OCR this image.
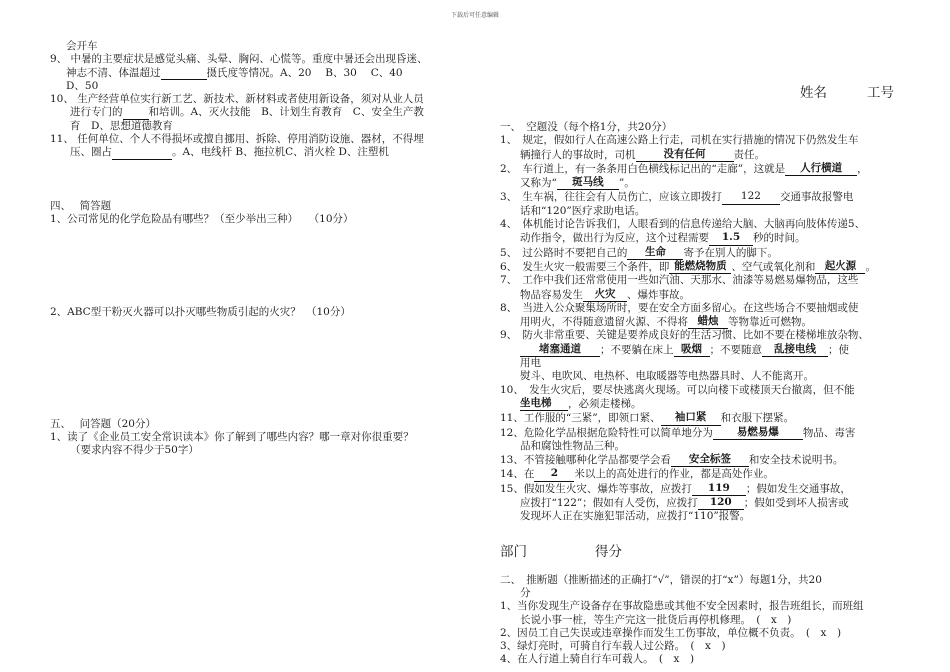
下载后可任意编辑
会开车
9、 中暑的主要症状是感觉头痛、头晕、胸闷、心慌等。重度中暑还会出现昏迷、
神志不清、体温超过	摄氏度等情况。A、20　 B、30　 C、40
D、50
10、 生产经营单位实行新工艺、新技术、新材料或者使用新设备，须对从业人员
进行专门的 和培训。A、灭火技能　B、计划生育教育　C、安全生产教
育　D、思想道德教育
11、 任何单位、个人不得损坏或擅自挪用、拆除、停用消防设施、器材，不得埋
压、圈占	。A、电线杆 B、拖拉机C、消火栓 D、注塑机
四、　 简答题
1、公司常见的化学危险品有哪些？（至少举出三种）　　（10分）
2、ABC型干粉灭火器可以扑灭哪些物质引起的火灾？　（10分）
五、　 问答题（20分）
1、读了《企业员工安全常识读本》你了解到了哪些内容？哪一章对你很重要？
（要求内容不得少于50字）
姓名	工号
一、　空题没（每个格1分，共20分）
1、　规定，假如行人在高速公路上行走，司机在实行措施的情况下仍然发生车
辆撞行人的事故时，司机	没有任何	责任。
2、　车行道上，有一条条用白色横线标记出的“走廊”，这就是 人行横道 ，
又称为“ 斑马线 ”。
3、　生车祸，往往会有人员伤亡，应该立即拨打 122 交通事故报警电
话和“120”医疗求助电话。
4、　体机能讨论告诉我们，人眼看到的信息传递给大脑、大脑再向肢体传递5、
动作指令，做出行为反应，这个过程需要 1.5 秒的时间。
5、　过公路时不要把自己的 生命 寄予在别人的脚下。
6、　发生火灾一般需要三个条件，即 能燃烧物质 、空气或氧化剂和 起火源 。
7、　工作中我们还常常使用一些如汽油、天那水、油漆等易燃易爆物品，这些
物品容易发生 火灾 、爆炸事故。
8、　当进入公众聚集场所时，要在安全方面多留心。在这些场合不要抽烟或使
用明火，不得随意遗留火源、不得将 蜡烛 等物靠近可燃物。
9、　防火非常重要、关键是要养成良好的生活习惯、比如不要在楼梯堆放杂物、
堵塞通道 ；不要躺在床上 吸烟 ；不要随意 乱接电线 ；使
用电
熨斗、电吹风、电热杯、电取暖器等电热器具时、人不能离开。
10、　发生火灾后，要尽快逃离火现场。可以向楼下或楼顶天台撤离，但不能
坐电梯 ，必须走楼梯。
11、工作服的“三紧”，即领口紧、 袖口紧 和衣服下摆紧。
12、危险化学品根据危险特性可以简单地分为 易燃易爆 物品、毒害
品和腐蚀性物品三种。
13、不管接触哪种化学品都要学会看 安全标签 和安全技术说明书。
14、在 2 米以上的高处进行的作业，都是高处作业。
15、假如发生火灾、爆炸等事故，应拨打 119 ；假如发生交通事故，
应拨打“122”；假如有人受伤，应拨打 120 ；假如受到坏人损害或
发现坏人正在实施犯罪活动，应拨打“110”报警。
部门	得分
二、　推断题（推断描述的正确打“√”，错误的打“x”）每题1分，共20
分
1、当你发现生产设备存在事故隐患或其他不安全因素时，报告班组长，而班组
长说小事一桩，等生产完这一批货后再停机修理。　(　x　)
2、因员工自己失误或违章操作而发生工伤事故，单位概不负责。　(　x　)
3、绿灯亮时，可骑自行车载人过公路。　(　x　)
4、在人行道上骑自行车可载人。　(　x　)
